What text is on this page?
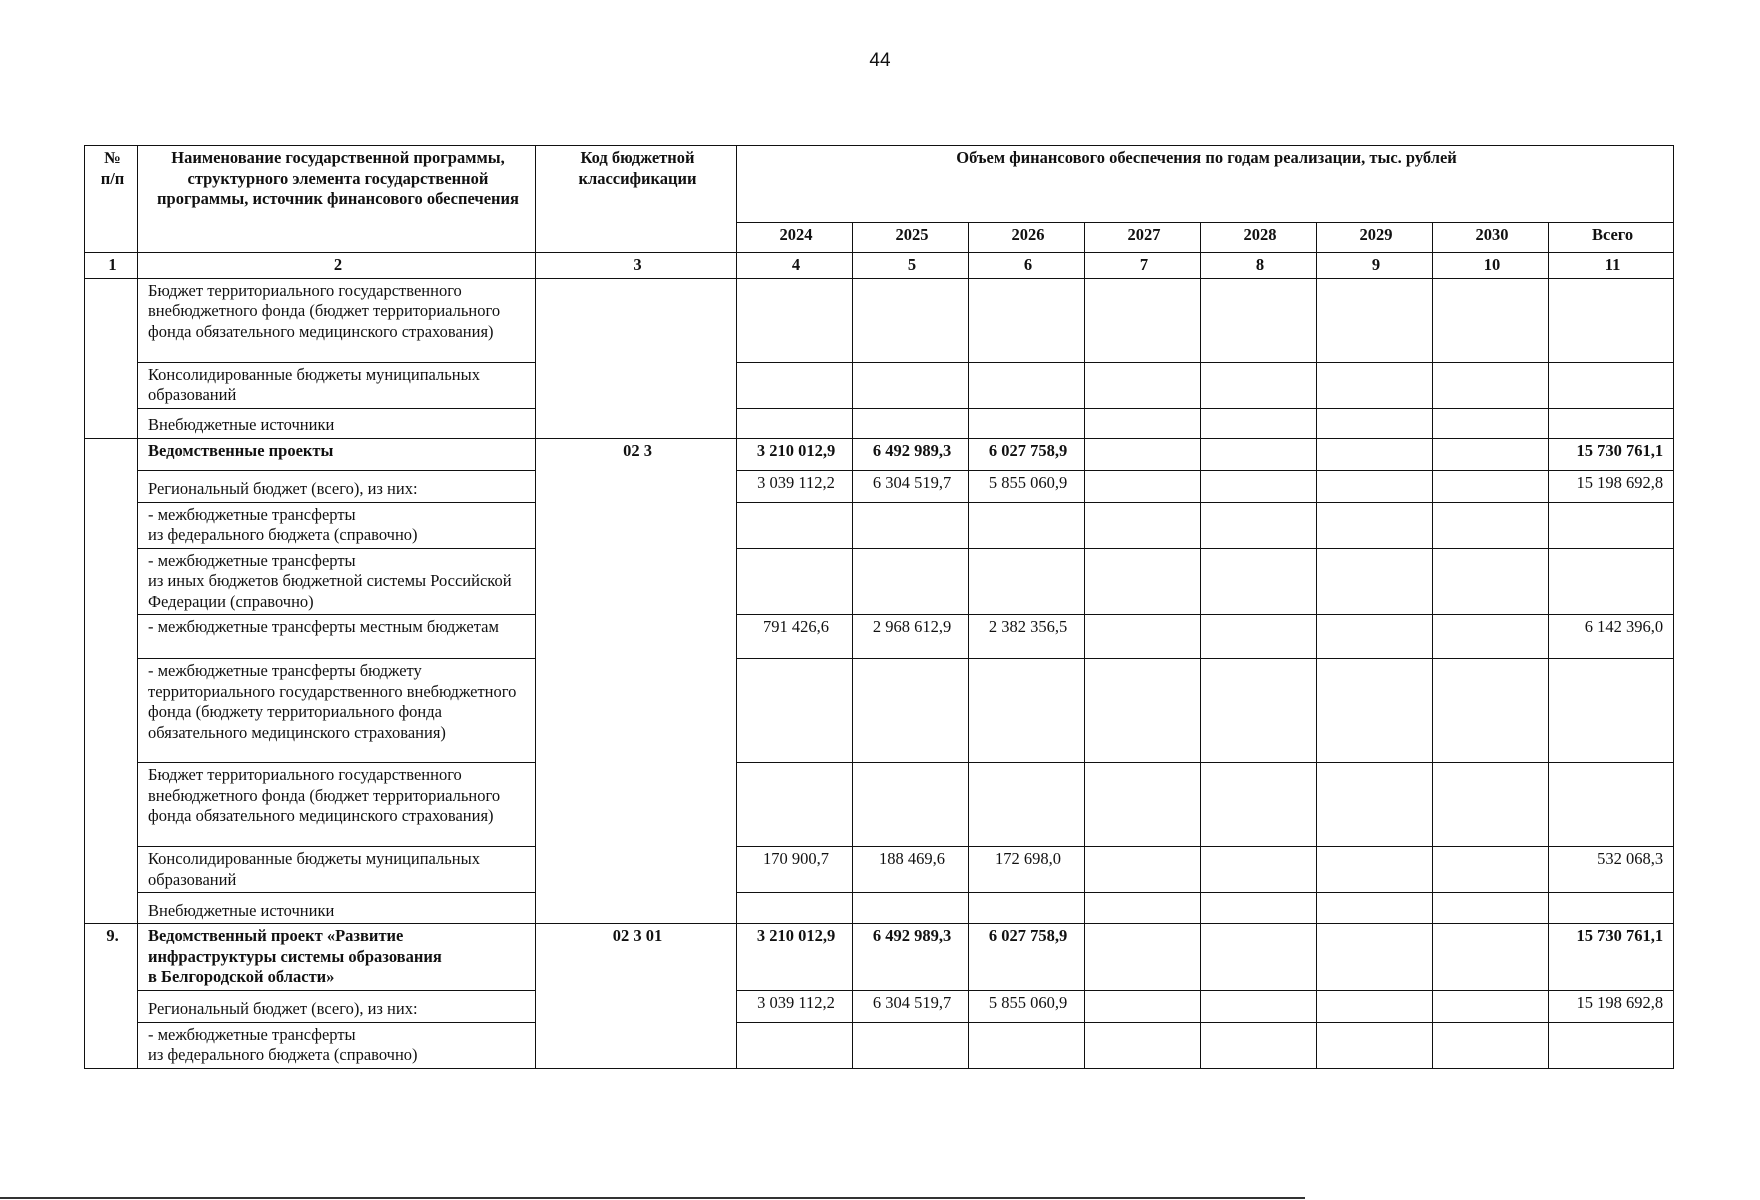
44
№
п/п	Наименование государственной программы, структурного элемента государственной программы, источник финансового обеспечения	Код бюджетной классификации	Объем финансового обеспечения по годам реализации, тыс. рублей							
			2024	2025	2026	2027	2028	2029	2030	Всего
1	2	3	4	5	6	7	8	9	10	11
	Бюджет территориального государственного внебюджетного фонда (бюджет территориального фонда обязательного медицинского страхования)									
	Консолидированные бюджеты муниципальных образований									
	Внебюджетные источники									
	Ведомственные проекты	02 3	3 210 012,9	6 492 989,3	6 027 758,9					15 730 761,1
	Региональный бюджет (всего), из них:		3 039 112,2	6 304 519,7	5 855 060,9					15 198 692,8
	- межбюджетные трансферты
из федерального бюджета (справочно)									
	- межбюджетные трансферты
из иных бюджетов бюджетной системы Российской Федерации (справочно)									
	- межбюджетные трансферты местным бюджетам		791 426,6	2 968 612,9	2 382 356,5					6 142 396,0
	- межбюджетные трансферты бюджету территориального государственного внебюджетного фонда (бюджету территориального фонда обязательного медицинского страхования)									
	Бюджет территориального государственного внебюджетного фонда (бюджет территориального фонда обязательного медицинского страхования)									
	Консолидированные бюджеты муниципальных образований		170 900,7	188 469,6	172 698,0					532 068,3
	Внебюджетные источники									
9.	Ведомственный проект «Развитие инфраструктуры системы образования
в Белгородской области»	02 3 01	3 210 012,9	6 492 989,3	6 027 758,9					15 730 761,1
	Региональный бюджет (всего), из них:		3 039 112,2	6 304 519,7	5 855 060,9					15 198 692,8
	- межбюджетные трансферты
из федерального бюджета (справочно)									
